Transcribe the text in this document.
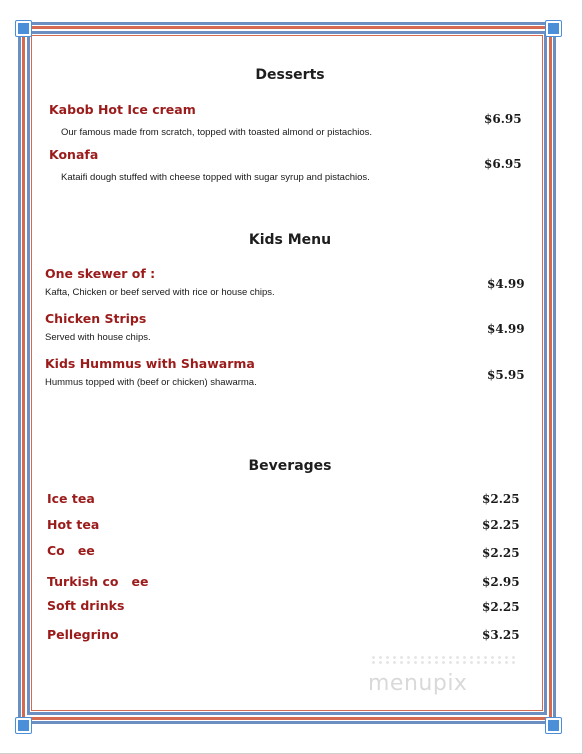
Desserts
Kabob Hot Ice cream
Our famous made from scratch, topped with toasted almond or pistachios.
$6.95
Konafa
Kataifi dough stuffed with cheese topped with sugar syrup and pistachios.
$6.95
Kids Menu
One skewer of :
Kafta, Chicken or beef served with rice or house chips.
$4.99
Chicken Strips
Served with house chips.
$4.99
Kids Hummus with Shawarma
Hummus topped with (beef or chicken) shawarma.
$5.95
Beverages
Ice tea	$2.25
Hot tea	$2.25
Co   ee	$2.25
Turkish co   ee	$2.95
Soft drinks	$2.25
Pellegrino	$3.25
menupix
